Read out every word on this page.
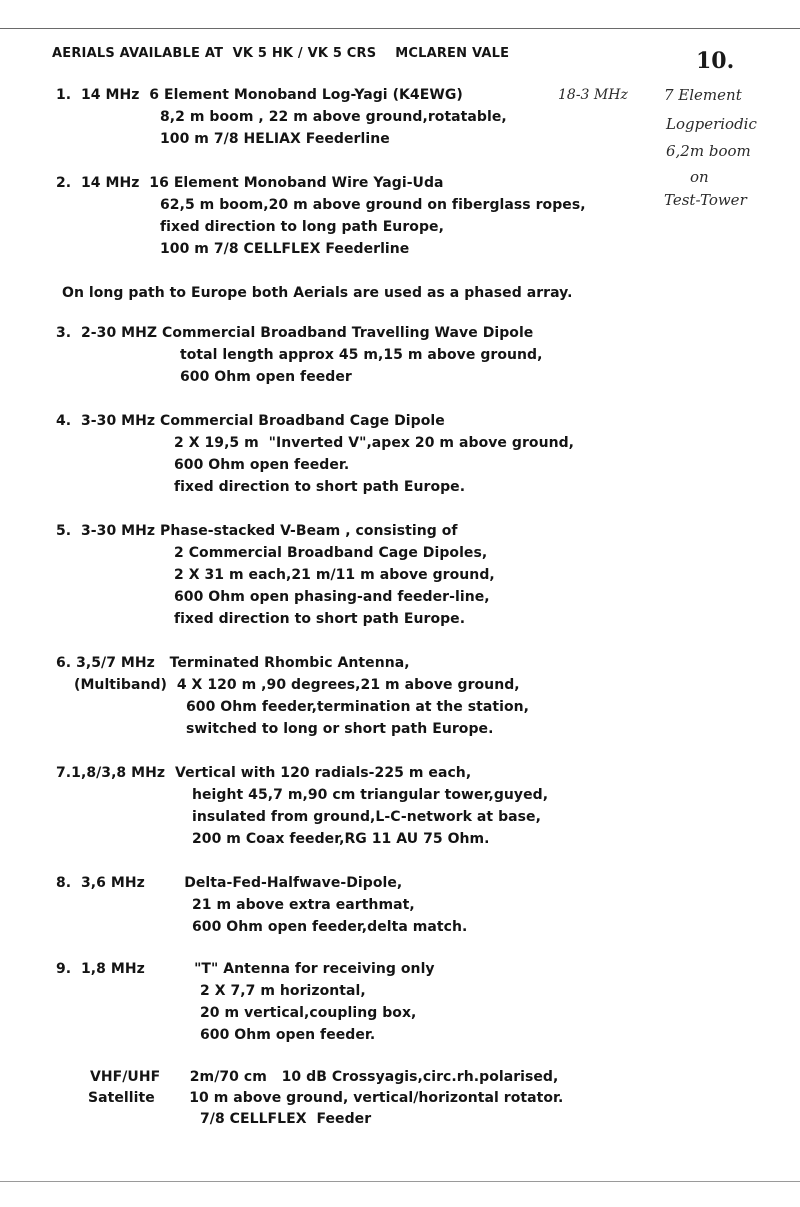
AERIALS AVAILABLE AT  VK 5 HK / VK 5 CRS    MCLAREN VALE	10.
18-3 MHz 7 Element
Logperiodic
6,2m boom
on
Test-Tower
1.  14 MHz  6 Element Monoband Log-Yagi (K4EWG)
8,2 m boom , 22 m above ground,rotatable,
100 m 7/8 HELIAX Feederline
2.  14 MHz  16 Element Monoband Wire Yagi-Uda
62,5 m boom,20 m above ground on fiberglass ropes,
fixed direction to long path Europe,
100 m 7/8 CELLFLEX Feederline
On long path to Europe both Aerials are used as a phased array.
3.  2-30 MHZ Commercial Broadband Travelling Wave Dipole
total length approx 45 m,15 m above ground,
600 Ohm open feeder
4.  3-30 MHz Commercial Broadband Cage Dipole
2 X 19,5 m  "Inverted V",apex 20 m above ground,
600 Ohm open feeder.
fixed direction to short path Europe.
5.  3-30 MHz Phase-stacked V-Beam , consisting of
2 Commercial Broadband Cage Dipoles,
2 X 31 m each,21 m/11 m above ground,
600 Ohm open phasing-and feeder-line,
fixed direction to short path Europe.
6. 3,5/7 MHz   Terminated Rhombic Antenna,
(Multiband)  4 X 120 m ,90 degrees,21 m above ground,
600 Ohm feeder,termination at the station,
switched to long or short path Europe.
7.1,8/3,8 MHz  Vertical with 120 radials-225 m each,
height 45,7 m,90 cm triangular tower,guyed,
insulated from ground,L-C-network at base,
200 m Coax feeder,RG 11 AU 75 Ohm.
8.  3,6 MHz        Delta-Fed-Halfwave-Dipole,
21 m above extra earthmat,
600 Ohm open feeder,delta match.
9.  1,8 MHz          "T" Antenna for receiving only
2 X 7,7 m horizontal,
20 m vertical,coupling box,
600 Ohm open feeder.
VHF/UHF      2m/70 cm   10 dB Crossyagis,circ.rh.polarised,
Satellite       10 m above ground, vertical/horizontal rotator.
7/8 CELLFLEX  Feeder
